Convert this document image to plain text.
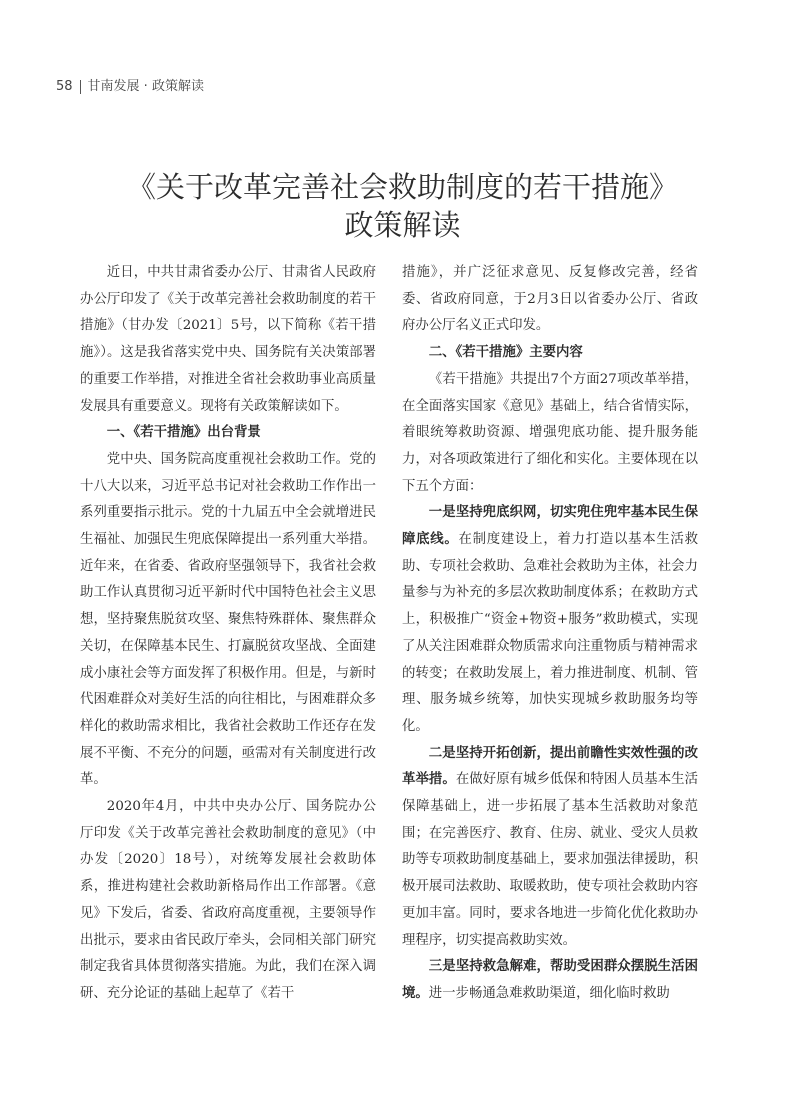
58 甘南发展 · 政策解读
《关于改革完善社会救助制度的若干措施》
政策解读

近日，中共甘肃省委办公厅、甘肃省人民政府办公厅印发了《关于改革完善社会救助制度的若干措施》（甘办发〔2021〕5号，以下简称《若干措施》）。这是我省落实党中央、国务院有关决策部署的重要工作举措，对推进全省社会救助事业高质量发展具有重要意义。现将有关政策解读如下。

一、《若干措施》出台背景

党中央、国务院高度重视社会救助工作。党的十八大以来，习近平总书记对社会救助工作作出一系列重要指示批示。党的十九届五中全会就增进民生福祉、加强民生兜底保障提出一系列重大举措。近年来，在省委、省政府坚强领导下，我省社会救助工作认真贯彻习近平新时代中国特色社会主义思想，坚持聚焦脱贫攻坚、聚焦特殊群体、聚焦群众关切，在保障基本民生、打赢脱贫攻坚战、全面建成小康社会等方面发挥了积极作用。但是，与新时代困难群众对美好生活的向往相比，与困难群众多样化的救助需求相比，我省社会救助工作还存在发展不平衡、不充分的问题，亟需对有关制度进行改革。

2020年4月，中共中央办公厅、国务院办公厅印发《关于改革完善社会救助制度的意见》（中办发〔2020〕18号），对统筹发展社会救助体系，推进构建社会救助新格局作出工作部署。《意见》下发后，省委、省政府高度重视，主要领导作出批示，要求由省民政厅牵头，会同相关部门研究制定我省具体贯彻落实措施。为此，我们在深入调研、充分论证的基础上起草了《若干

措施》，并广泛征求意见、反复修改完善，经省委、省政府同意，于2月3日以省委办公厅、省政府办公厅名义正式印发。

二、《若干措施》主要内容

《若干措施》共提出7个方面27项改革举措，在全面落实国家《意见》基础上，结合省情实际，着眼统筹救助资源、增强兜底功能、提升服务能力，对各项政策进行了细化和实化。主要体现在以下五个方面：

一是坚持兜底织网，切实兜住兜牢基本民生保障底线。在制度建设上，着力打造以基本生活救助、专项社会救助、急难社会救助为主体，社会力量参与为补充的多层次救助制度体系；在救助方式上，积极推广“资金+物资+服务”救助模式，实现了从关注困难群众物质需求向注重物质与精神需求的转变；在救助发展上，着力推进制度、机制、管理、服务城乡统筹，加快实现城乡救助服务均等化。

二是坚持开拓创新，提出前瞻性实效性强的改革举措。在做好原有城乡低保和特困人员基本生活保障基础上，进一步拓展了基本生活救助对象范围；在完善医疗、教育、住房、就业、受灾人员救助等专项救助制度基础上，要求加强法律援助，积极开展司法救助、取暖救助，使专项社会救助内容更加丰富。同时，要求各地进一步简化优化救助办理程序，切实提高救助实效。

三是坚持救急解难，帮助受困群众摆脱生活困境。进一步畅通急难救助渠道，细化临时救助
